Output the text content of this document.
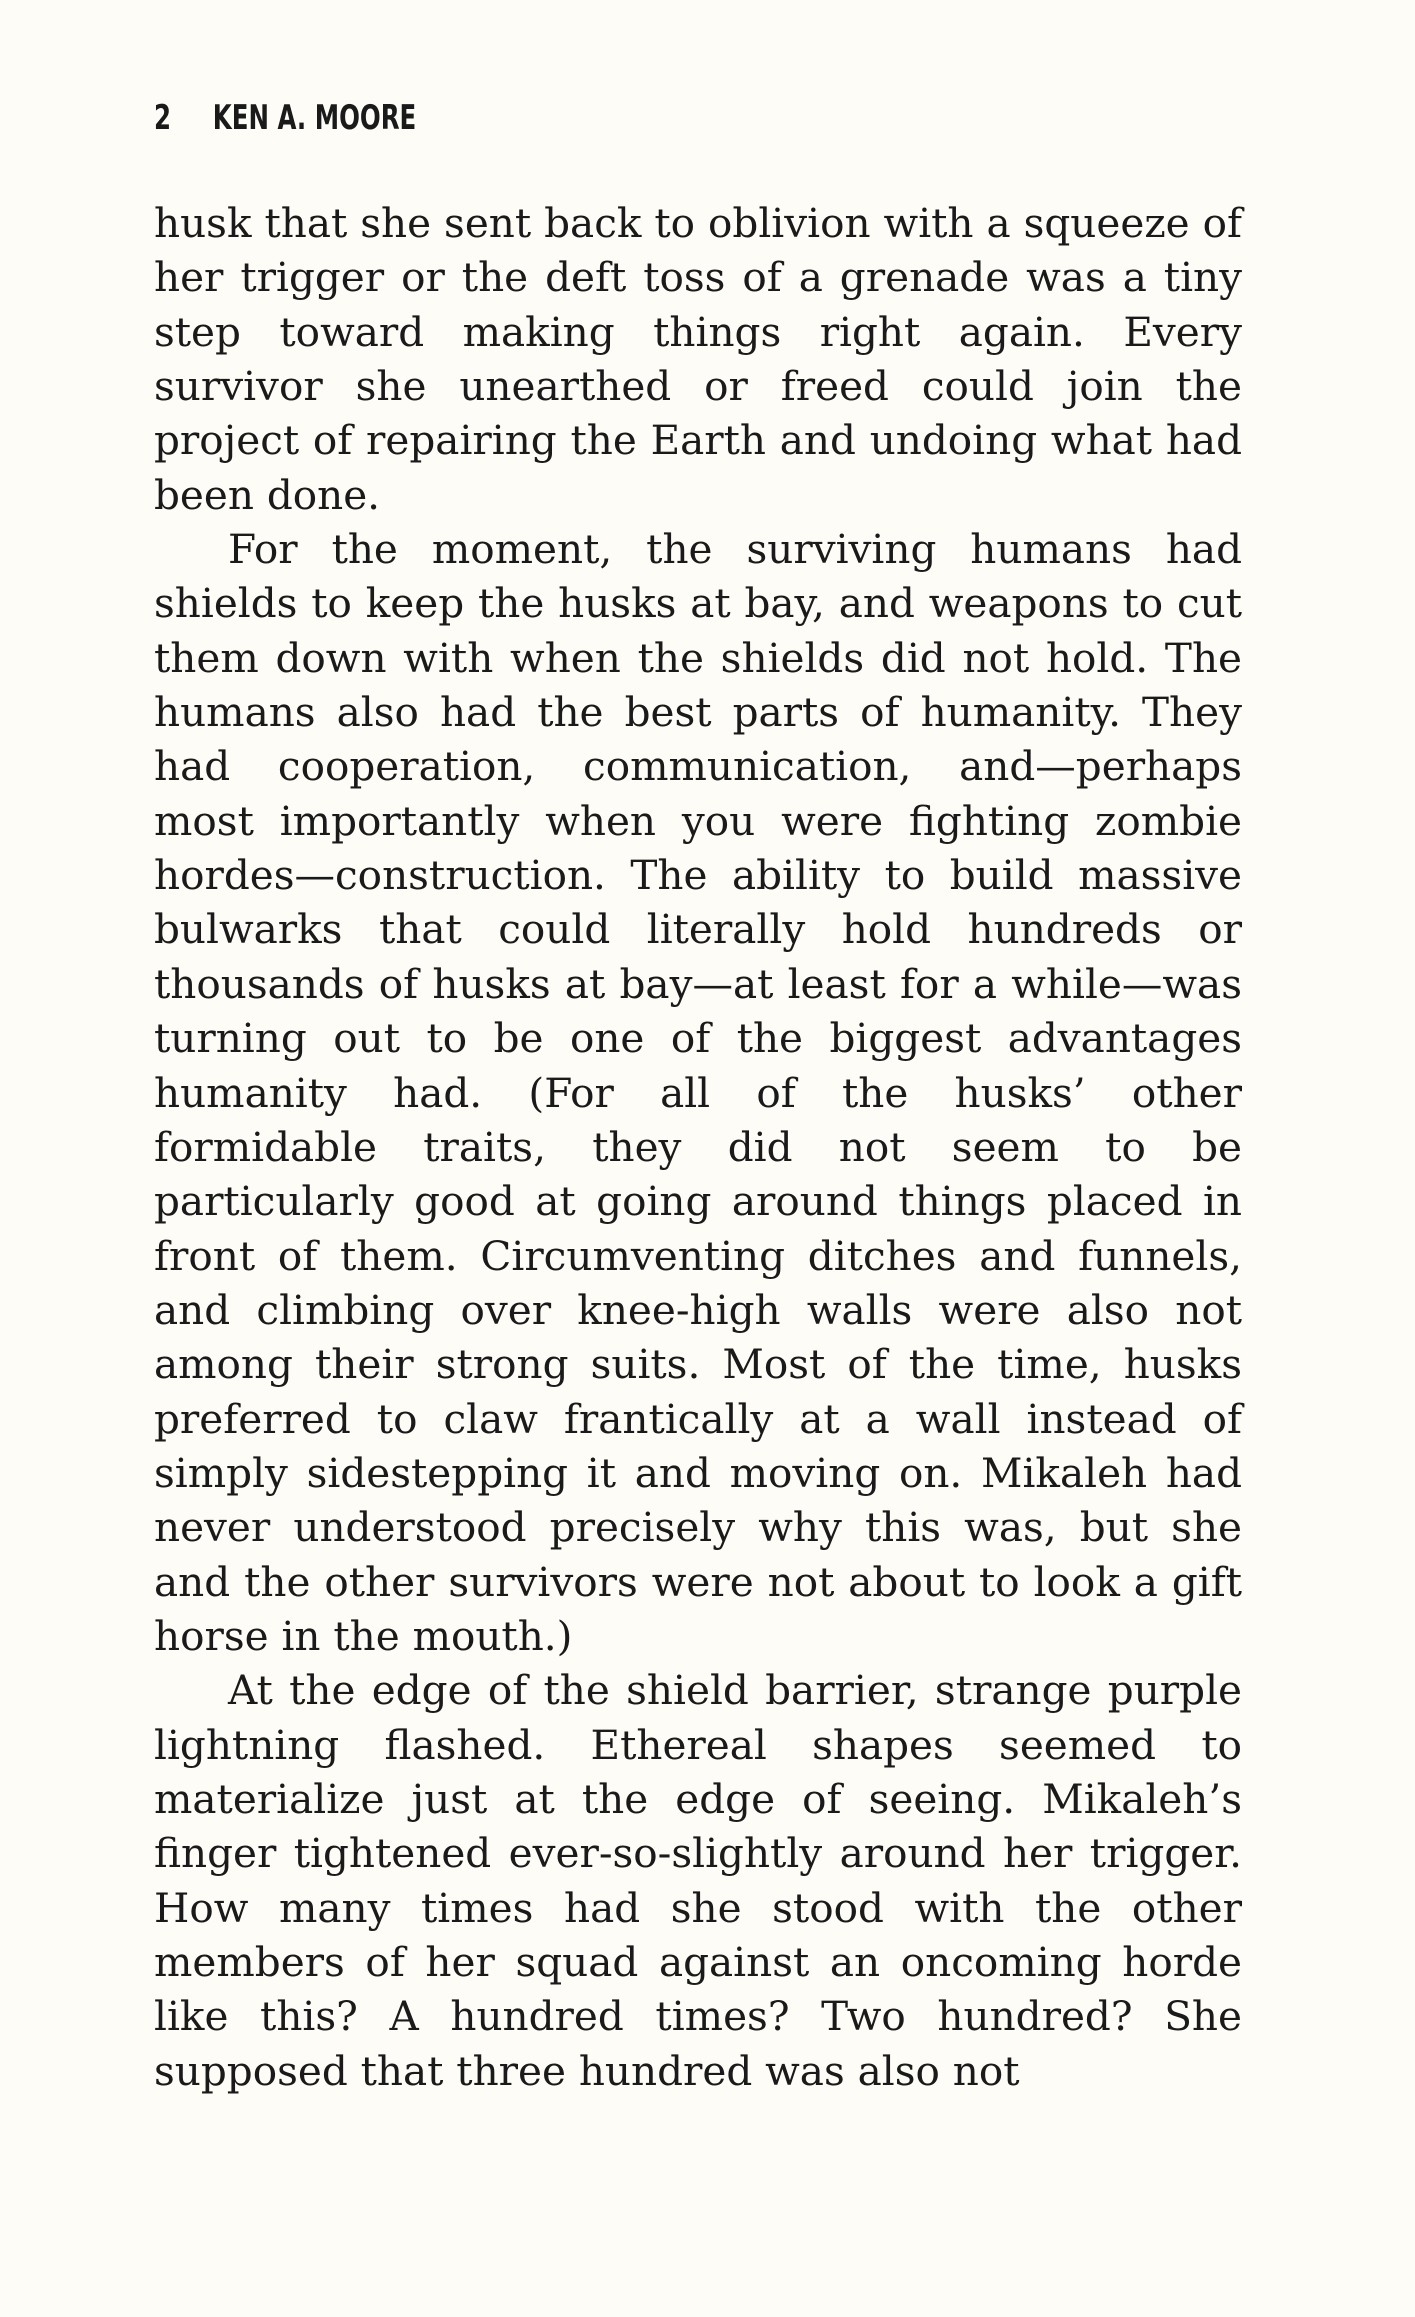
2 KEN A. MOORE

husk that she sent back to oblivion with a squeeze of her trigger or the deft toss of a grenade was a tiny step toward making things right again. Every survivor she unearthed or freed could join the project of repairing the Earth and undoing what had been done.

For the moment, the surviving humans had shields to keep the husks at bay, and weapons to cut them down with when the shields did not hold. The humans also had the best parts of humanity. They had cooperation, communication, and—perhaps most importantly when you were fighting zombie hordes—construction. The ability to build massive bulwarks that could literally hold hundreds or thousands of husks at bay—at least for a while—was turning out to be one of the biggest advantages humanity had. (For all of the husks’ other formidable traits, they did not seem to be particularly good at going around things placed in front of them. Circumventing ditches and funnels, and climbing over knee-high walls were also not among their strong suits. Most of the time, husks preferred to claw frantically at a wall instead of simply sidestepping it and moving on. Mikaleh had never understood precisely why this was, but she and the other survivors were not about to look a gift horse in the mouth.)

At the edge of the shield barrier, strange purple lightning flashed. Ethereal shapes seemed to materialize just at the edge of seeing. Mikaleh’s finger tightened ever-so-slightly around her trigger. How many times had she stood with the other members of her squad against an oncoming horde like this? A hundred times? Two hundred? She supposed that three hundred was also not
